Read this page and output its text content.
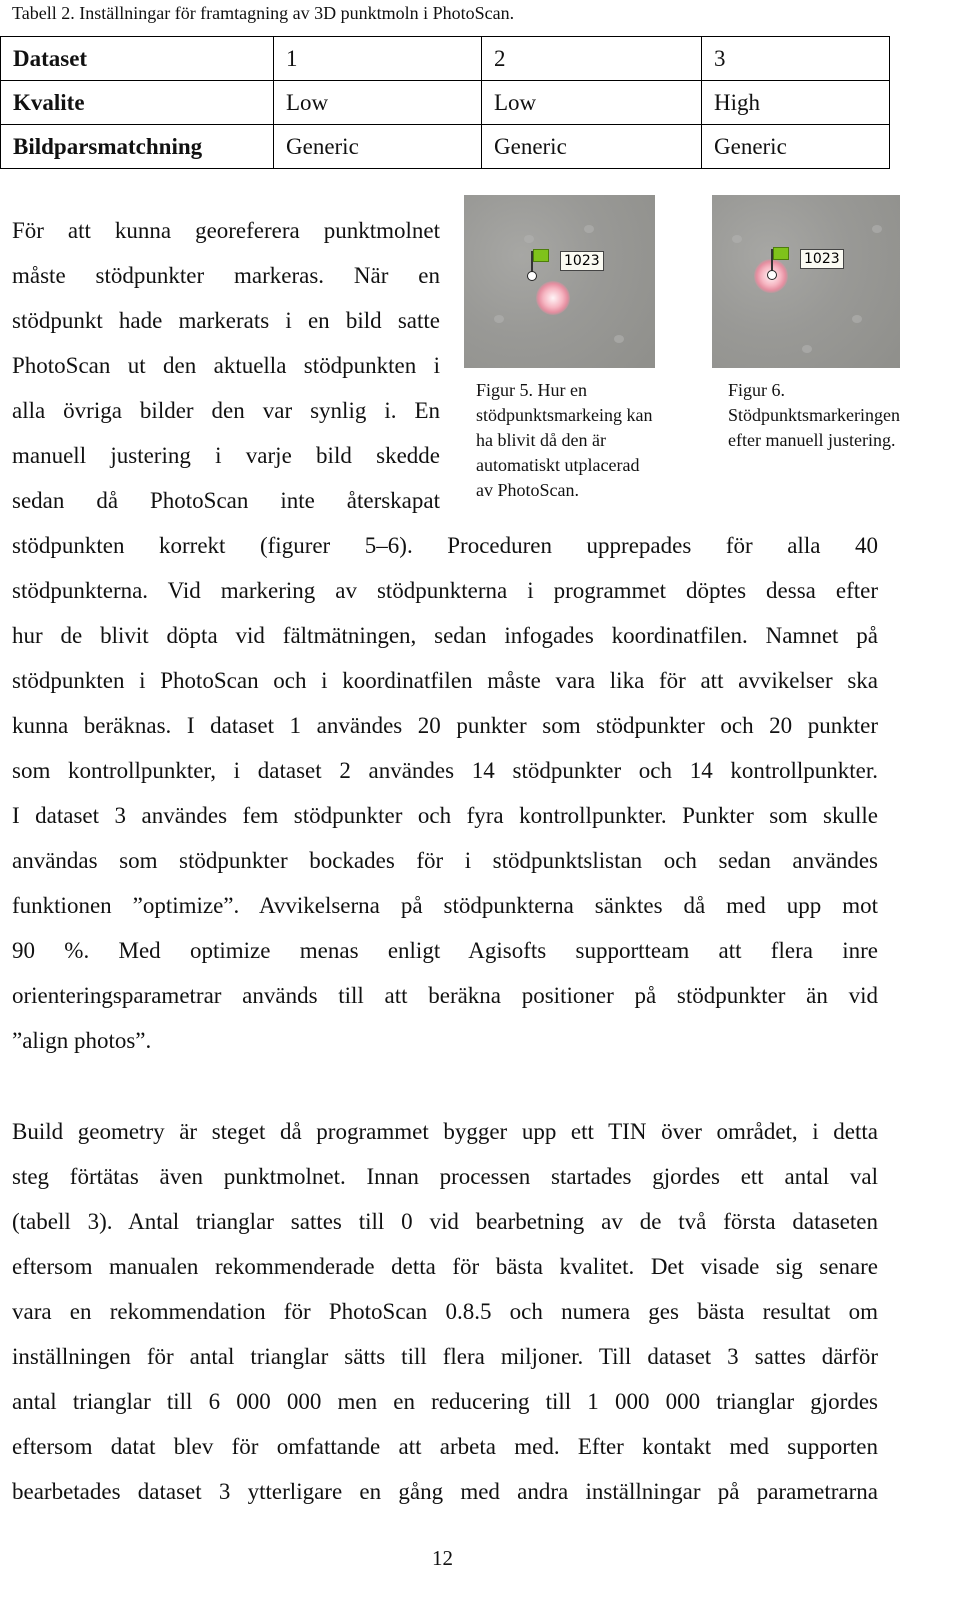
Tabell 2. Inställningar för framtagning av 3D punktmoln i PhotoScan.
Dataset	1	2	3
Kvalite	Low	Low	High
Bildparsmatchning	Generic	Generic	Generic
För att kunna georeferera punktmolnet
måste stödpunkter markeras. När en
stödpunkt hade markerats i en bild satte
PhotoScan ut den aktuella stödpunkten i
alla övriga bilder den var synlig i. En
manuell justering i varje bild skedde
sedan då PhotoScan inte återskapat
1023
Figur 5. Hur en
stödpunktsmarkeing kan
ha blivit då den är
automatiskt utplacerad
av PhotoScan.
1023
Figur 6.
Stödpunktsmarkeringen
efter manuell justering.
stödpunkten korrekt (figurer 5–6). Proceduren upprepades för alla 40
stödpunkterna. Vid markering av stödpunkterna i programmet döptes dessa efter
hur de blivit döpta vid fältmätningen, sedan infogades koordinatfilen. Namnet på
stödpunkten i PhotoScan och i koordinatfilen måste vara lika för att avvikelser ska
kunna beräknas. I dataset 1 användes 20 punkter som stödpunkter och 20 punkter
som kontrollpunkter, i dataset 2 användes 14 stödpunkter och 14 kontrollpunkter.
I dataset 3 användes fem stödpunkter och fyra kontrollpunkter. Punkter som skulle
användas som stödpunkter bockades för i stödpunktslistan och sedan användes
funktionen ”optimize”. Avvikelserna på stödpunkterna sänktes då med upp mot
90 %. Med optimize menas enligt Agisofts supportteam att flera inre
orienteringsparametrar används till att beräkna positioner på stödpunkter än vid
”align photos”.
Build geometry är steget då programmet bygger upp ett TIN över området, i detta
steg förtätas även punktmolnet. Innan processen startades gjordes ett antal val
(tabell 3). Antal trianglar sattes till 0 vid bearbetning av de två första dataseten
eftersom manualen rekommenderade detta för bästa kvalitet. Det visade sig senare
vara en rekommendation för PhotoScan 0.8.5 och numera ges bästa resultat om
inställningen för antal trianglar sätts till flera miljoner. Till dataset 3 sattes därför
antal trianglar till 6 000 000 men en reducering till 1 000 000 trianglar gjordes
eftersom datat blev för omfattande att arbeta med. Efter kontakt med supporten
bearbetades dataset 3 ytterligare en gång med andra inställningar på parametrarna
12
